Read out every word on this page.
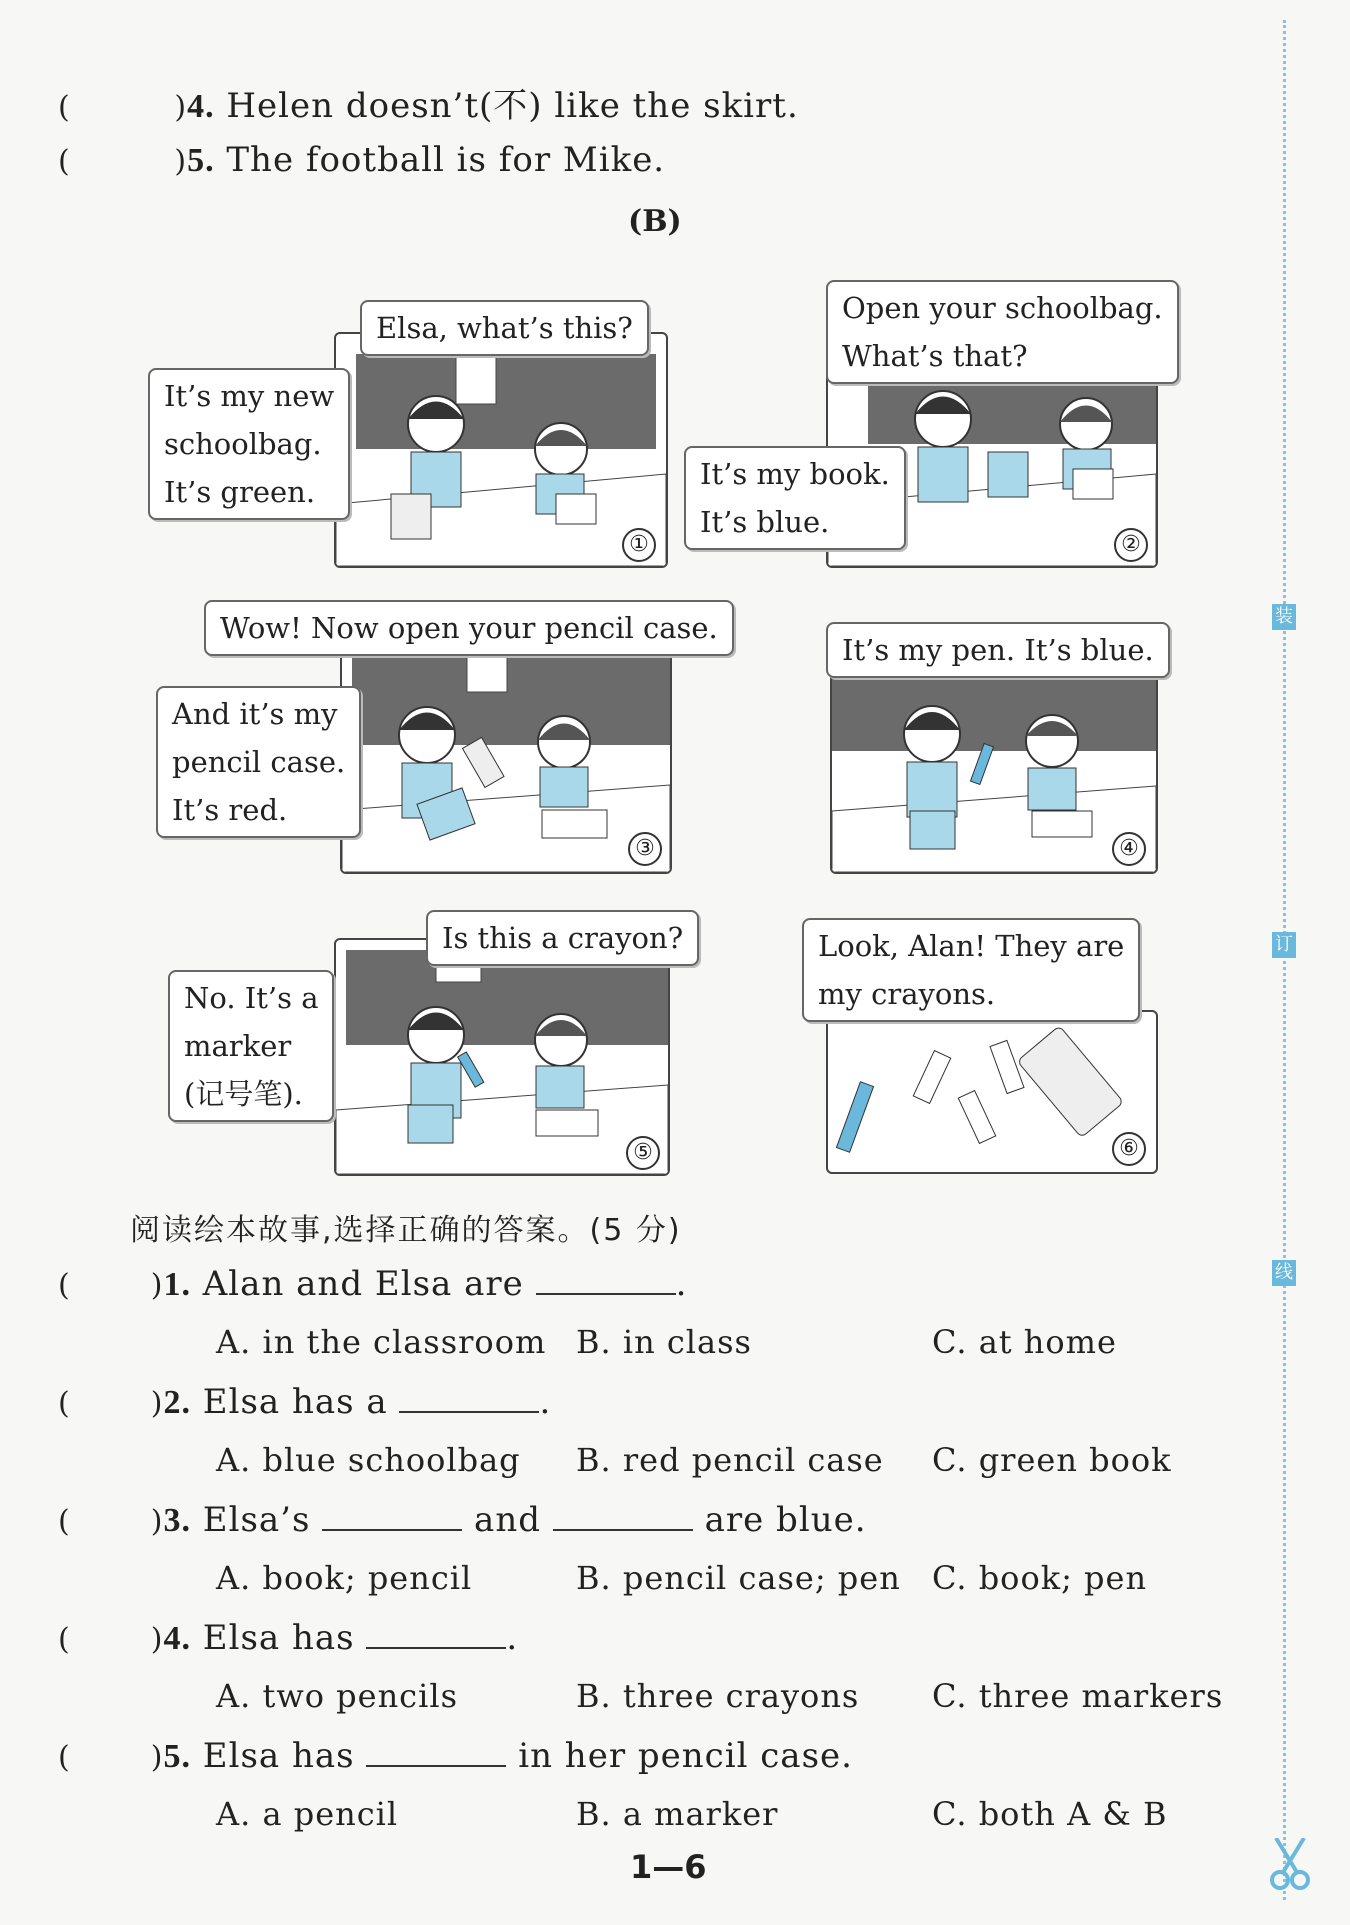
(	)4. Helen doesn’t(不) like the skirt.
(	)5. The football is for Mike.
(B)
①
Elsa, what’s this?
It’s my new
schoolbag.
It’s green.
②
Open your schoolbag.
What’s that?
It’s my book.
It’s blue.
③
Wow! Now open your pencil case.
And it’s my
pencil case.
It’s red.
④
It’s my pen. It’s blue.
⑤
Is this a crayon?
No. It’s a
marker
(记号笔).
⑥
Look, Alan! They are
my crayons.
阅读绘本故事,选择正确的答案。(5 分)
(	)1. Alan and Elsa are	.
A. in the classroom B. in class	C. at home
(	)2. Elsa has a	.
A. blue schoolbag B. red pencil case C. green book
(	)3. Elsa’s	and	are blue.
A. book; pencil	B. pencil case; pen C. book; pen
(	)4. Elsa has	.
A. two pencils	B. three crayons C. three markers
(	)5. Elsa has	in her pencil case.
A. a pencil	B. a marker	C. both A & B
1—6
装
订
线
